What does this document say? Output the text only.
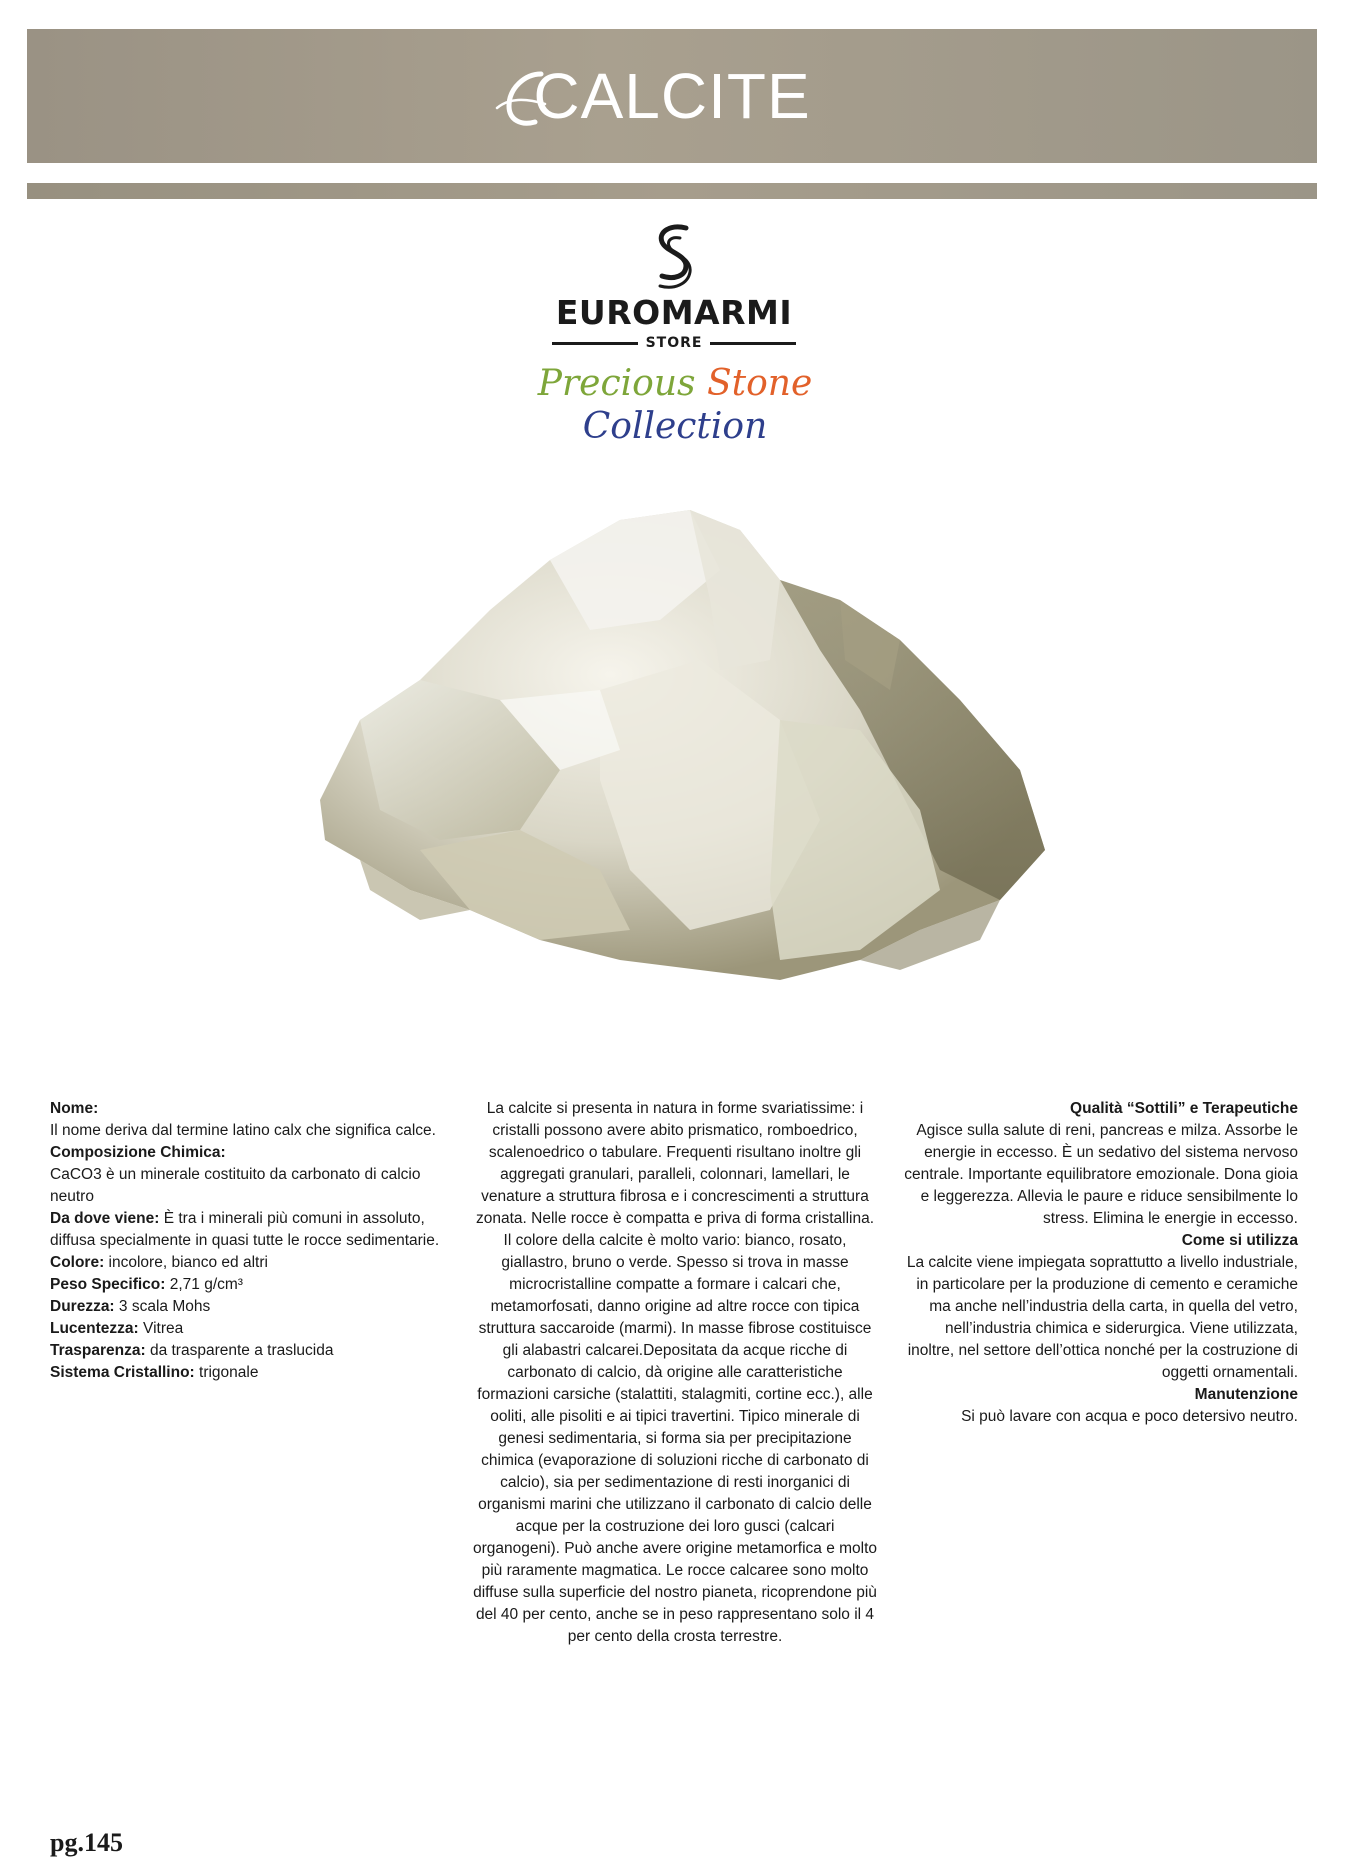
CALCITE
EUROMARMI
STORE
Precious Stone Collection
Nome:
Il nome deriva dal termine latino calx che significa calce.
Composizione Chimica:
CaCO3 è un minerale costituito da carbonato di calcio neutro
Da dove viene: È tra i minerali più comuni in assoluto, diffusa specialmente in quasi tutte le rocce sedimentarie.
Colore: incolore, bianco ed altri
Peso Specifico: 2,71 g/cm³
Durezza: 3 scala Mohs
Lucentezza: Vitrea
Trasparenza: da trasparente a traslucida
Sistema Cristallino: trigonale
La calcite si presenta in natura in forme svariatissime: i cristalli possono avere abito prismatico, romboedrico, scalenoedrico o tabulare. Frequenti risultano inoltre gli aggregati granulari, paralleli, colonnari, lamellari, le venature a struttura fibrosa e i concrescimenti a struttura zonata. Nelle rocce è compatta e priva di forma cristallina. Il colore della calcite è molto vario: bianco, rosato, giallastro, bruno o verde. Spesso si trova in masse microcristalline compatte a formare i calcari che, metamorfosati, danno origine ad altre rocce con tipica struttura saccaroide (marmi). In masse fibrose costituisce gli alabastri calcarei.Depositata da acque ricche di carbonato di calcio, dà origine alle caratteristiche formazioni carsiche (stalattiti, stalagmiti, cortine ecc.), alle ooliti, alle pisoliti e ai tipici travertini. Tipico minerale di genesi sedimentaria, si forma sia per precipitazione chimica (evaporazione di soluzioni ricche di carbonato di calcio), sia per sedimentazione di resti inorganici di organismi marini che utilizzano il carbonato di calcio delle acque per la costruzione dei loro gusci (calcari organogeni). Può anche avere origine metamorfica e molto più raramente magmatica. Le rocce calcaree sono molto diffuse sulla superficie del nostro pianeta, ricoprendone più del 40 per cento, anche se in peso rappresentano solo il 4 per cento della crosta terrestre.
Qualità “Sottili” e Terapeutiche
Agisce sulla salute di reni, pancreas e milza. Assorbe le energie in eccesso. È un sedativo del sistema nervoso centrale. Importante equilibratore emozionale. Dona gioia e leggerezza. Allevia le paure e riduce sensibilmente lo stress. Elimina le energie in eccesso.
Come si utilizza
La calcite viene impiegata soprattutto a livello industriale, in particolare per la produzione di cemento e ceramiche ma anche nell’industria della carta, in quella del vetro, nell’industria chimica e siderurgica. Viene utilizzata, inoltre, nel settore dell’ottica nonché per la costruzione di oggetti ornamentali.
Manutenzione
Si può lavare con acqua e poco detersivo neutro.
pg.145
